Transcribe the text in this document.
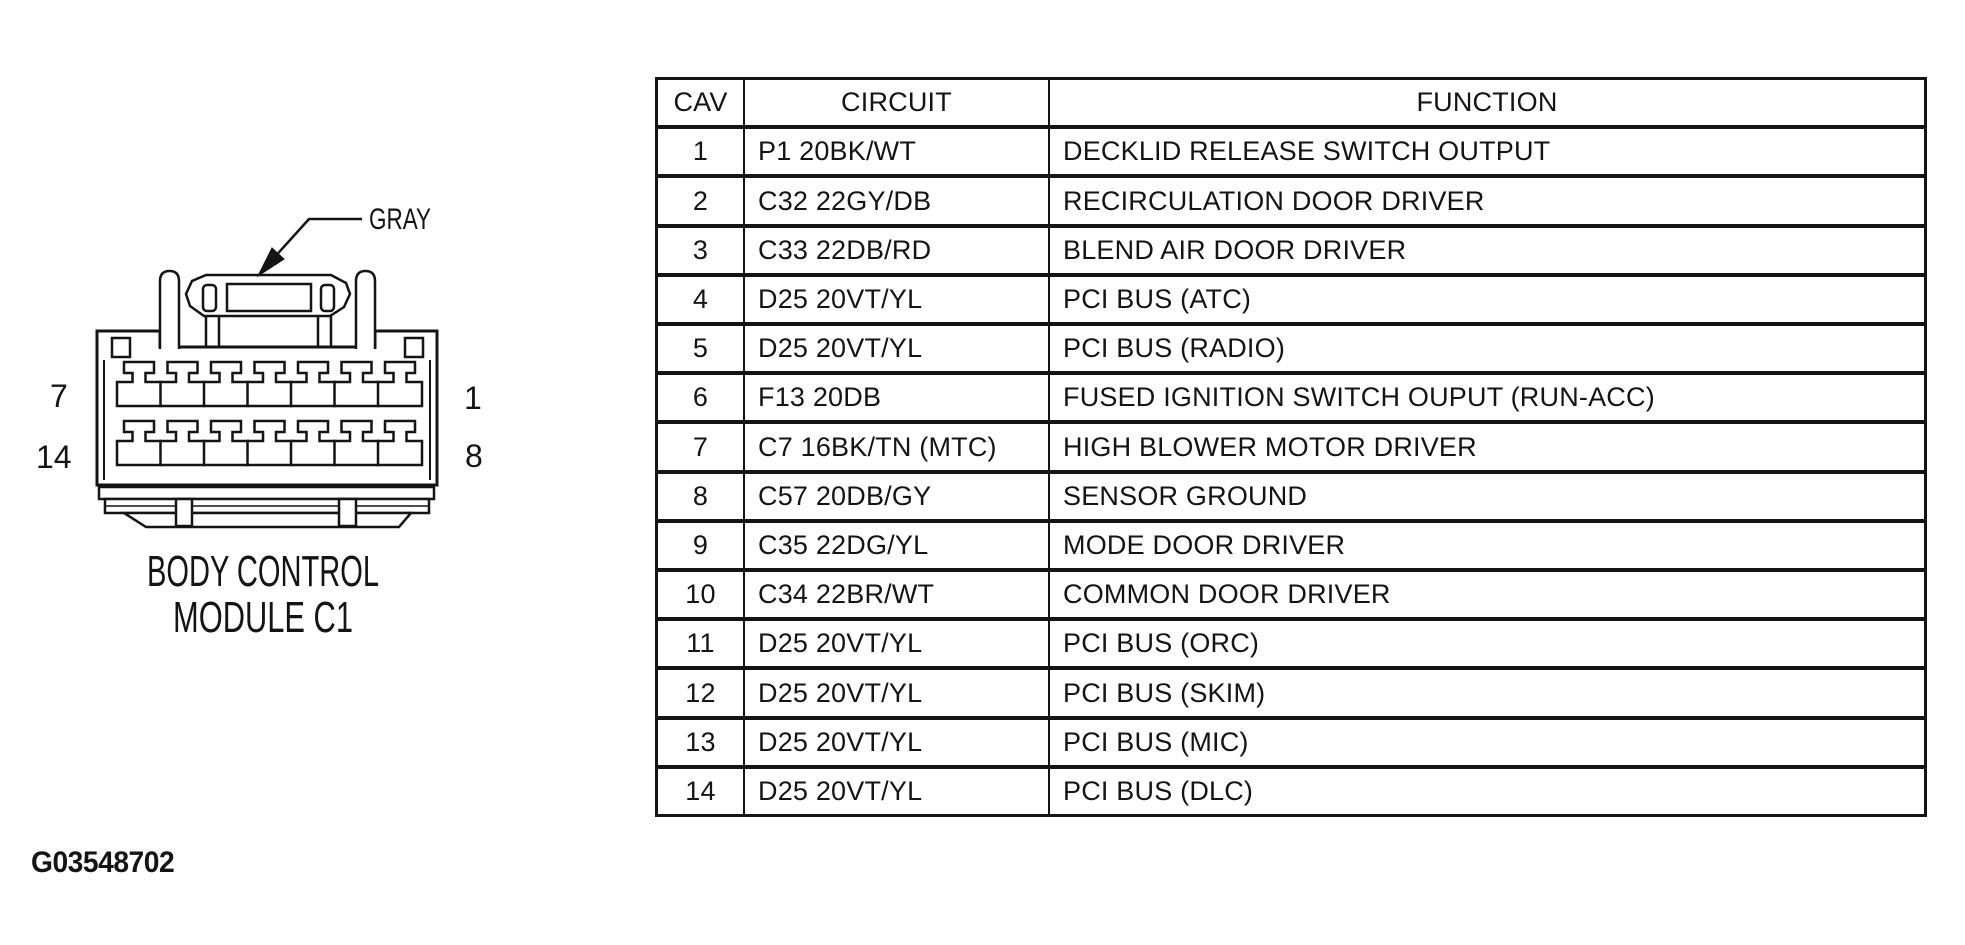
GRAY
7	1
14	8
BODY CONTROL
MODULE C1
CAV	CIRCUIT	FUNCTION
1	P1 20BK/WT	DECKLID RELEASE SWITCH OUTPUT
2	C32 22GY/DB	RECIRCULATION DOOR DRIVER
3	C33 22DB/RD	BLEND AIR DOOR DRIVER
4	D25 20VT/YL	PCI BUS (ATC)
5	D25 20VT/YL	PCI BUS (RADIO)
6	F13 20DB	FUSED IGNITION SWITCH OUPUT (RUN-ACC)
7	C7 16BK/TN (MTC)	HIGH BLOWER MOTOR DRIVER
8	C57 20DB/GY	SENSOR GROUND
9	C35 22DG/YL	MODE DOOR DRIVER
10	C34 22BR/WT	COMMON DOOR DRIVER
11	D25 20VT/YL	PCI BUS (ORC)
12	D25 20VT/YL	PCI BUS (SKIM)
13	D25 20VT/YL	PCI BUS (MIC)
14	D25 20VT/YL	PCI BUS (DLC)
G03548702
